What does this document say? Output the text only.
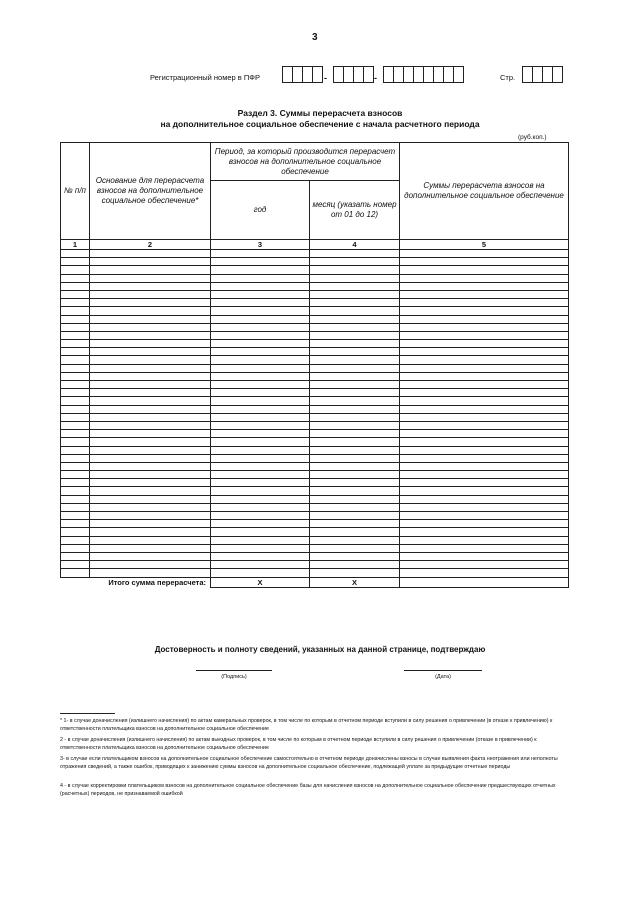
3
Регистрационный номер в ПФР	-	-	Стр.
Раздел 3. Суммы перерасчета взносов
на дополнительное социальное обеспечение с начала расчетного периода
(руб.коп.)
№ п/п	Основание для перерасчета взносов на дополнительное социальное обеспечение*	Период, за который производится перерасчет взносов на дополнительное социальное обеспечение		Суммы перерасчета взносов на дополнительное социальное обеспечение
		год	месяц (указать номер от 01 до 12)	
1	2	3	4	5

Итого сумма перерасчета:		X	X	
Достоверность и полноту сведений, указанных на данной странице, подтверждаю
(Подпись)	(Дата)
* 1- в случае доначисления (излишнего начисления) по актам камеральных проверок, в том числе по которым в отчетном периоде вступили в силу решения о привлечении (в отказе к привлечению) к ответственности плательщика взносов на дополнительное социальное обеспечение
2 - в случае доначисления (излишнего начисления) по актам выездных проверок, в том числе по которым в отчетном периоде вступили в силу решения о привлечении (отказе в привлечении) к ответственности плательщика взносов на дополнительное социальное обеспечение
3- в случае если плательщиком взносов на дополнительное социальное обеспечение самостоятельно в отчетном периоде доначислены взносы в случае выявления факта неотражения или неполноты отражения сведений, а также ошибок, приводящих к занижению суммы взносов на дополнительное социальное обеспечение, подлежащей уплате за предыдущие отчетные периоды
4 - в случае корректировки плательщиком взносов на дополнительное социальное обеспечение базы для начисления взносов на дополнительное социальное обеспечение предшествующих отчетных (расчетных) периодов, не признаваемой ошибкой
